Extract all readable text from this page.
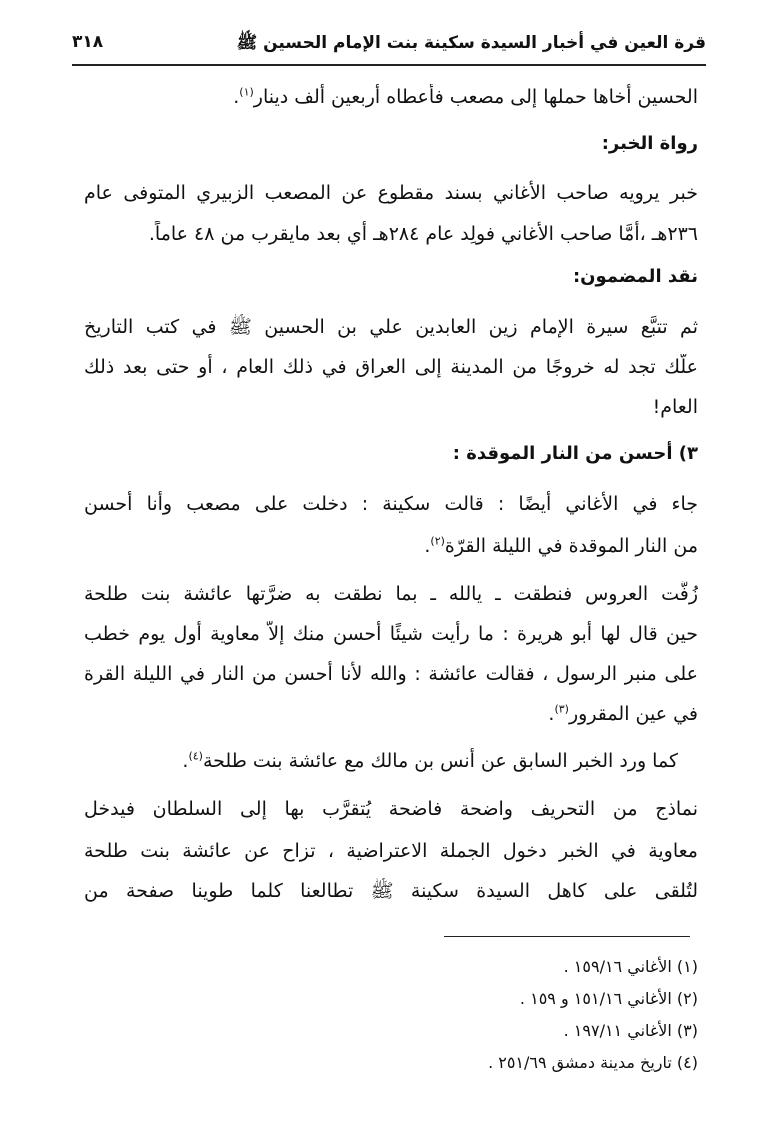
قرة العين في أخبار السيدة سكينة بنت الإمام الحسين ﷺ
٣١٨
الحسين أخاها حملها إلى مصعب فأعطاه أربعين ألف دينار$^{(١)}$.
رواة الخبر:
خبر يرويه صاحب الأغاني بسند مقطوع عن المصعب الزبيري المتوفى عام
٢٣٦هـ ،أمَّا صاحب الأغاني فولِد عام ٢٨٤هـ أي بعد مايقرب من ٤٨ عاماً.
نقد المضمون:
ثم تتبَّع سيرة الإمام زين العابدين علي بن الحسين ﷺ في كتب التاريخ
علَّك تجد له خروجًا من المدينة إلى العراق في ذلك العام ، أو حتى بعد ذلك
العام!
٣) أحسن من النار الموقدة :
جاء في الأغاني أيضًا : قالت سكينة : دخلت على مصعب وأنا أحسن
من النار الموقدة في الليلة القرّة$^{(٢)}$.
زُفَّت العروس فنطقت ـ يالله ـ بما نطقت به ضرَّتها عائشة بنت طلحة
حين قال لها أبو هريرة : ما رأيت شيئًا أحسن منك إلاّ معاوية أول يوم خطب
على منبر الرسول ، فقالت عائشة : والله لأنا أحسن من النار في الليلة القرة
في عين المقرور$^{(٣)}$.
كما ورد الخبر السابق عن أنس بن مالك مع عائشة بنت طلحة$^{(٤)}$.
نماذج من التحريف واضحة فاضحة يُتقرَّب بها إلى السلطان فيدخل
معاوية في الخبر دخول الجملة الاعتراضية ، تزاح عن عائشة بنت طلحة
لتُلقى على كاهل السيدة سكينة ﷺ تطالعنا كلما طوينا صفحة من
(١) الأغاني ١٥٩/١٦ .
(٢) الأغاني ١٥١/١٦ و ١٥٩ .
(٣) الأغاني ١٩٧/١١ .
(٤) تاريخ مدينة دمشق ٢٥١/٦٩ .
